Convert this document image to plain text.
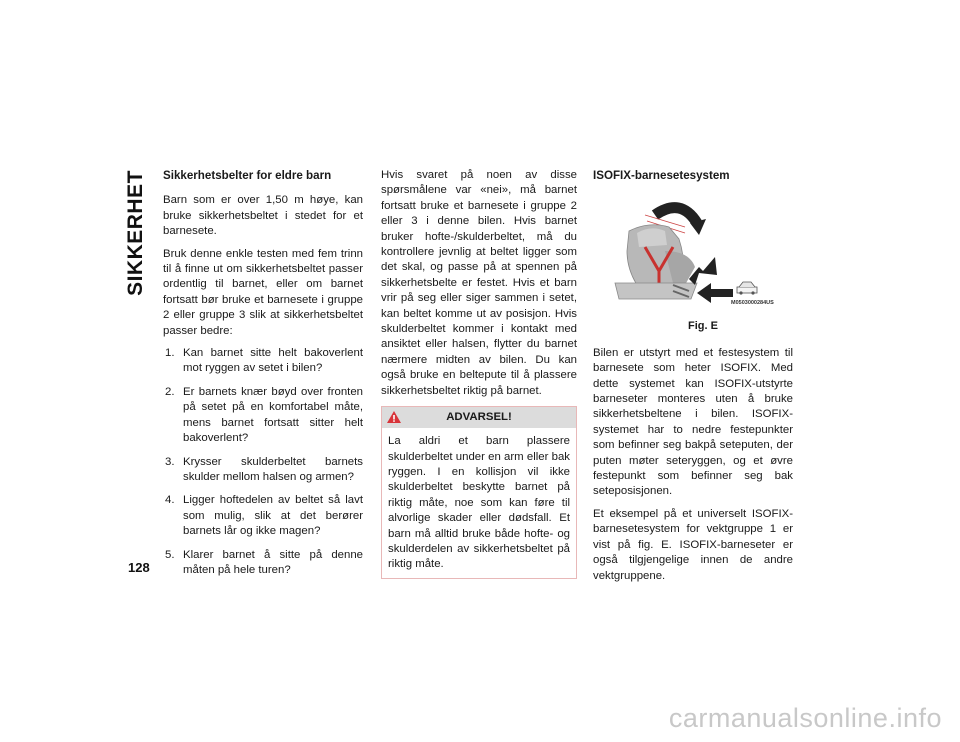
SIKKERHET
128
Sikkerhetsbelter for eldre barn

Barn som er over 1,50 m høye, kan bruke sikkerhetsbeltet i stedet for et barnesete.

Bruk denne enkle testen med fem trinn til å finne ut om sikkerhetsbeltet passer ordentlig til barnet, eller om barnet fortsatt bør bruke et barnesete i gruppe 2 eller gruppe 3 slik at sikkerhetsbeltet passer bedre:

1. Kan barnet sitte helt bakoverlent mot ryggen av setet i bilen?
2. Er barnets knær bøyd over fronten på setet på en komfortabel måte, mens barnet fortsatt sitter helt bakoverlent?
3. Krysser skulderbeltet barnets skulder mellom halsen og armen?
4. Ligger hoftedelen av beltet så lavt som mulig, slik at det berører barnets lår og ikke magen?
5. Klarer barnet å sitte på denne måten på hele turen?

Hvis svaret på noen av disse spørsmålene var «nei», må barnet fortsatt bruke et barnesete i gruppe 2 eller 3 i denne bilen. Hvis barnet bruker hofte-/skulderbeltet, må du kontrollere jevnlig at beltet ligger som det skal, og passe på at spennen på sikkerhetsbelte er festet. Hvis et barn vrir på seg eller siger sammen i setet, kan beltet komme ut av posisjon. Hvis skulderbeltet kommer i kontakt med ansiktet eller halsen, flytter du barnet nærmere midten av bilen. Du kan også bruke en beltepute til å plassere sikkerhetsbeltet riktig på barnet.

ADVARSEL!
La aldri et barn plassere skulderbeltet under en arm eller bak ryggen. I en kollisjon vil ikke skulderbeltet beskytte barnet på riktig måte, noe som kan føre til alvorlige skader eller dødsfall. Et barn må alltid bruke både hofte- og skulderdelen av sikkerhetsbeltet på riktig måte.
ISOFIX-barnesetesystem
M0503000284US
Fig. E

Bilen er utstyrt med et festesystem til barnesete som heter ISOFIX. Med dette systemet kan ISOFIX-utstyrte barneseter monteres uten å bruke sikkerhetsbeltene i bilen. ISOFIX-systemet har to nedre festepunkter som befinner seg bakpå seteputen, der puten møter seteryggen, og et øvre festepunkt som befinner seg bak seteposisjonen.

Et eksempel på et universelt ISOFIX-barnesetesystem for vektgruppe 1 er vist på fig. E. ISOFIX-barneseter er også tilgjengelige innen de andre vektgruppene.

carmanualsonline.info
